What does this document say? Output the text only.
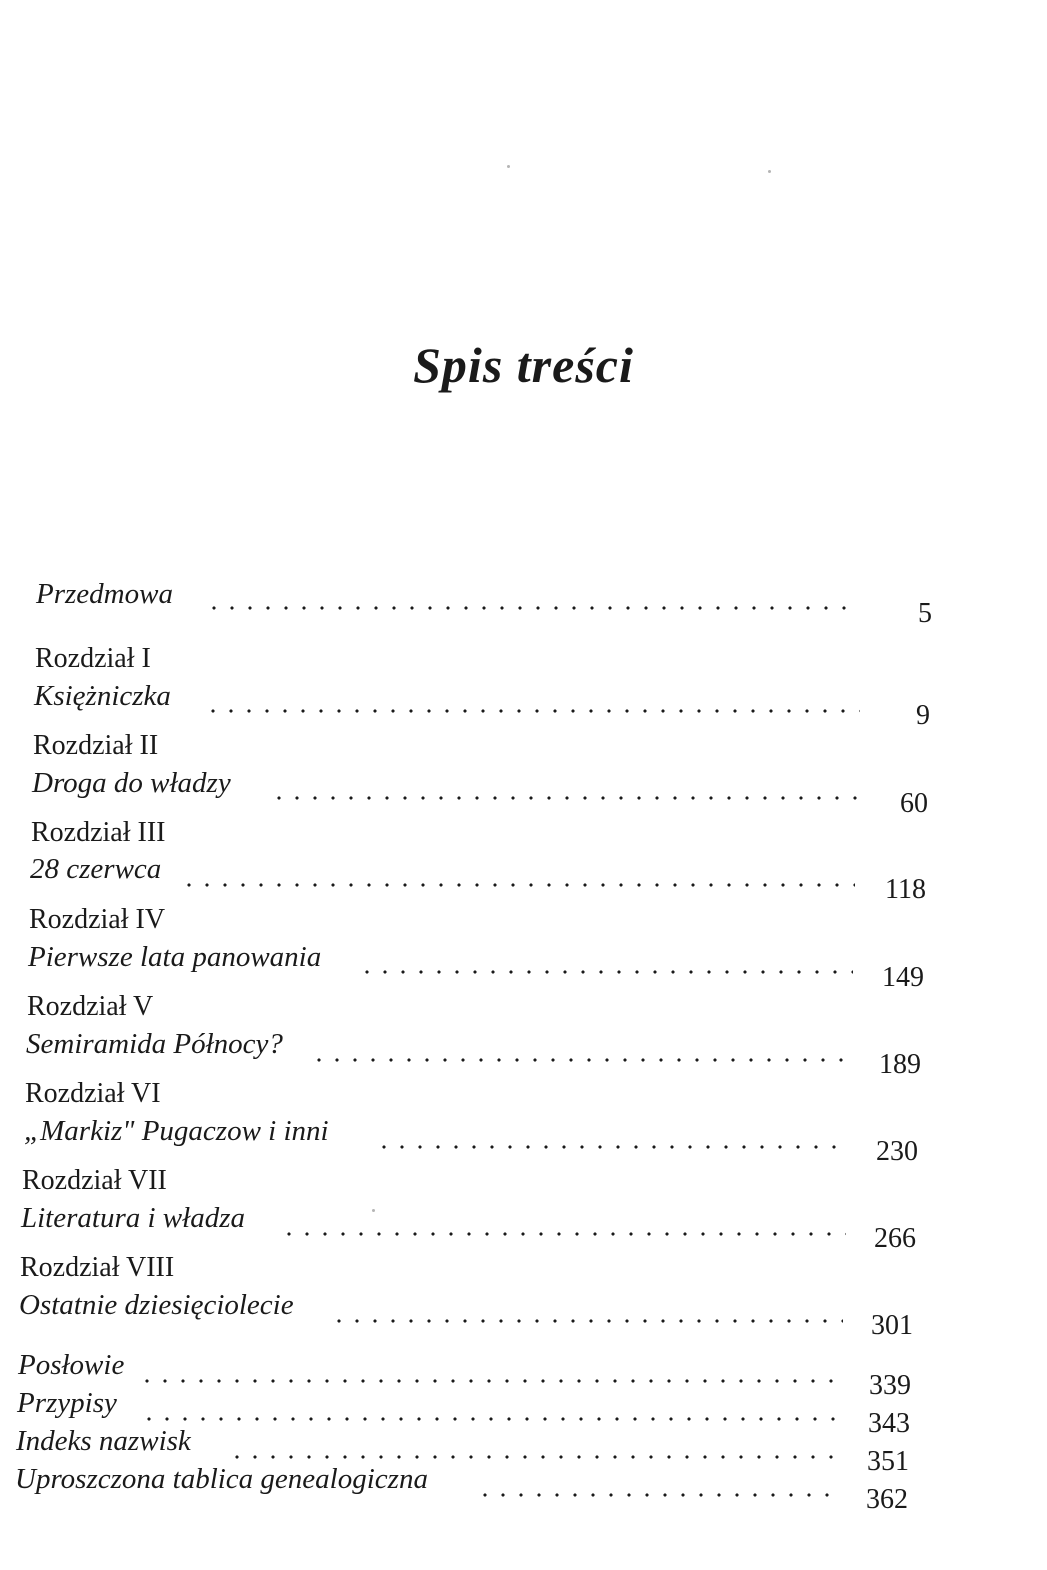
Spis treści
Przedmowa
5
Rozdział I
Księżniczka
9
Rozdział II
Droga do władzy
60
Rozdział III
28 czerwca
118
Rozdział IV
Pierwsze lata panowania
149
Rozdział V
Semiramida Północy?
189
Rozdział VI
„Markiz" Pugaczow i inni
230
Rozdział VII
Literatura i władza
266
Rozdział VIII
Ostatnie dziesięciolecie
301
Posłowie
339
Przypisy
343
Indeks nazwisk
351
Uproszczona tablica genealogiczna
362
